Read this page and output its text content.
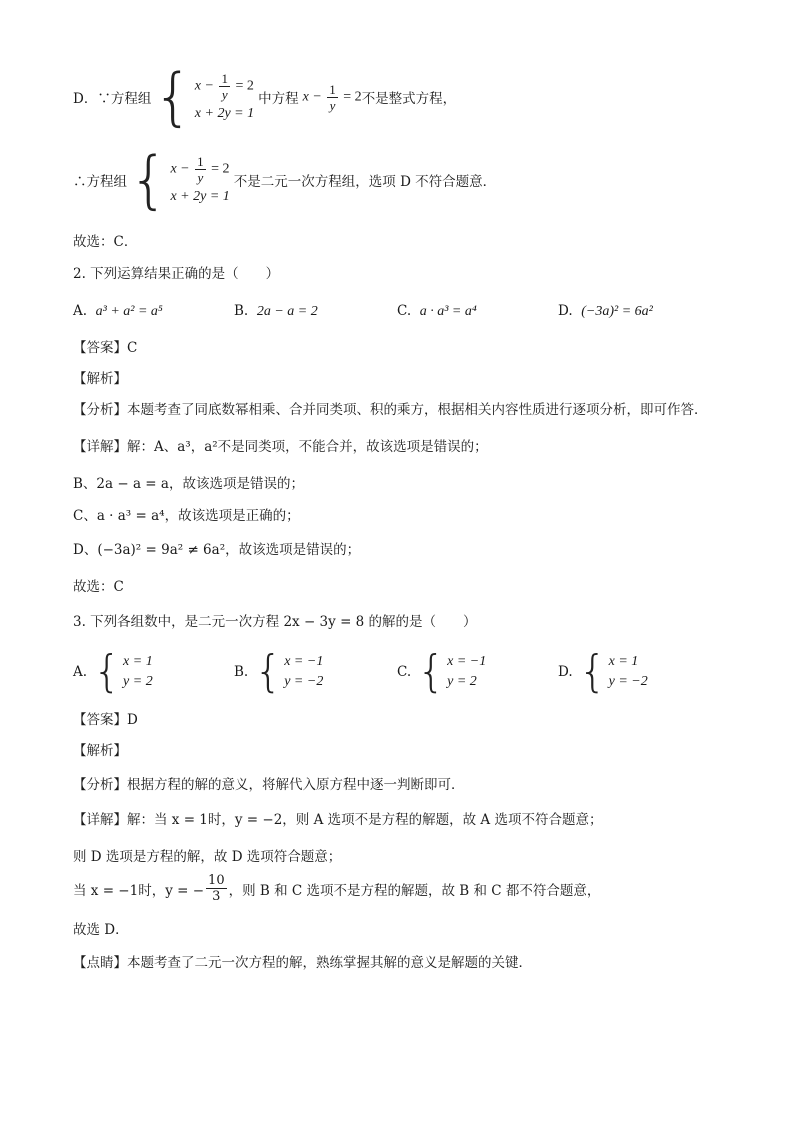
D．∵方程组 { $x - \frac{1}{y} = 2$
x + 2y = 1
中方程 $x - \frac{1}{y} = 2$ 不是整式方程，
∴方程组 { $x - \frac{1}{y} = 2$
x + 2y = 1
不是二元一次方程组，选项 D 不符合题意．
故选：C．
2. 下列运算结果正确的是（　　）
A. a³ + a² = a⁵	B. 2a − a = 2	C. a · a³ = a⁴	D. (−3a)² = 6a²
【答案】C
【解析】
【分析】本题考查了同底数幂相乘、合并同类项、积的乘方，根据相关内容性质进行逐项分析，即可作答．
【详解】解：A、a³，a²不是同类项，不能合并，故该选项是错误的；
B、2a − a = a，故该选项是错误的；
C、a · a³ = a⁴，故该选项是正确的；
D、(−3a)² = 9a² ≠ 6a²，故该选项是错误的；
故选：C
3. 下列各组数中，是二元一次方程 2x − 3y = 8 的解的是（　　）
A. { x = 1
y = 2
B. { x = −1
y = −2
C. { x = −1
y = 2
D. { x = 1
y = −2
【答案】D
【解析】
【分析】根据方程的解的意义，将解代入原方程中逐一判断即可．
【详解】解：当 x = 1时，y = −2，则 A 选项不是方程的解题，故 A 选项不符合题意；
则 D 选项是方程的解，故 D 选项符合题意；
当 x = −1时，y = − $\frac{10}{3}$ ，则 B 和 C 选项不是方程的解题，故 B 和 C 都不符合题意，
故选 D．
【点睛】本题考查了二元一次方程的解，熟练掌握其解的意义是解题的关键．
